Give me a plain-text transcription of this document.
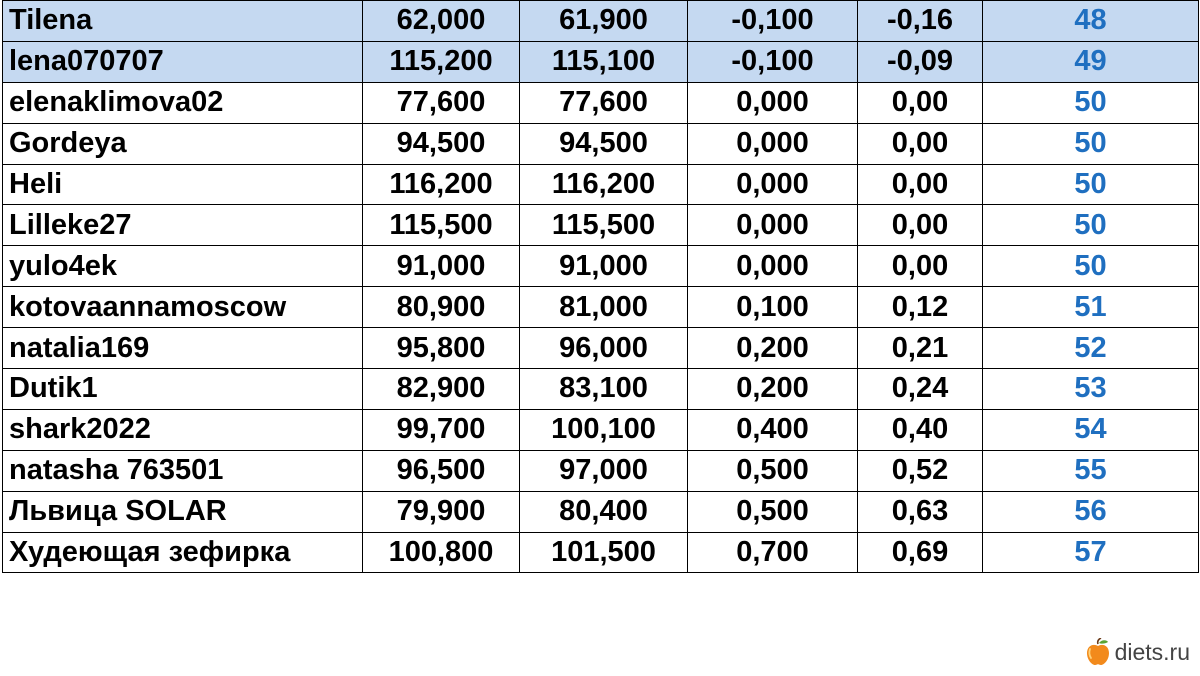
Tilena	62,000	61,900	-0,100	-0,16	48
lena070707	115,200	115,100	-0,100	-0,09	49
elenaklimova02	77,600	77,600	0,000	0,00	50
Gordeya	94,500	94,500	0,000	0,00	50
Heli	116,200	116,200	0,000	0,00	50
Lilleke27	115,500	115,500	0,000	0,00	50
yulo4ek	91,000	91,000	0,000	0,00	50
kotovaannamoscow	80,900	81,000	0,100	0,12	51
natalia169	95,800	96,000	0,200	0,21	52
Dutik1	82,900	83,100	0,200	0,24	53
shark2022	99,700	100,100	0,400	0,40	54
natasha 763501	96,500	97,000	0,500	0,52	55
Львица SOLAR	79,900	80,400	0,500	0,63	56
Худеющая зефирка	100,800	101,500	0,700	0,69	57
diets.ru
